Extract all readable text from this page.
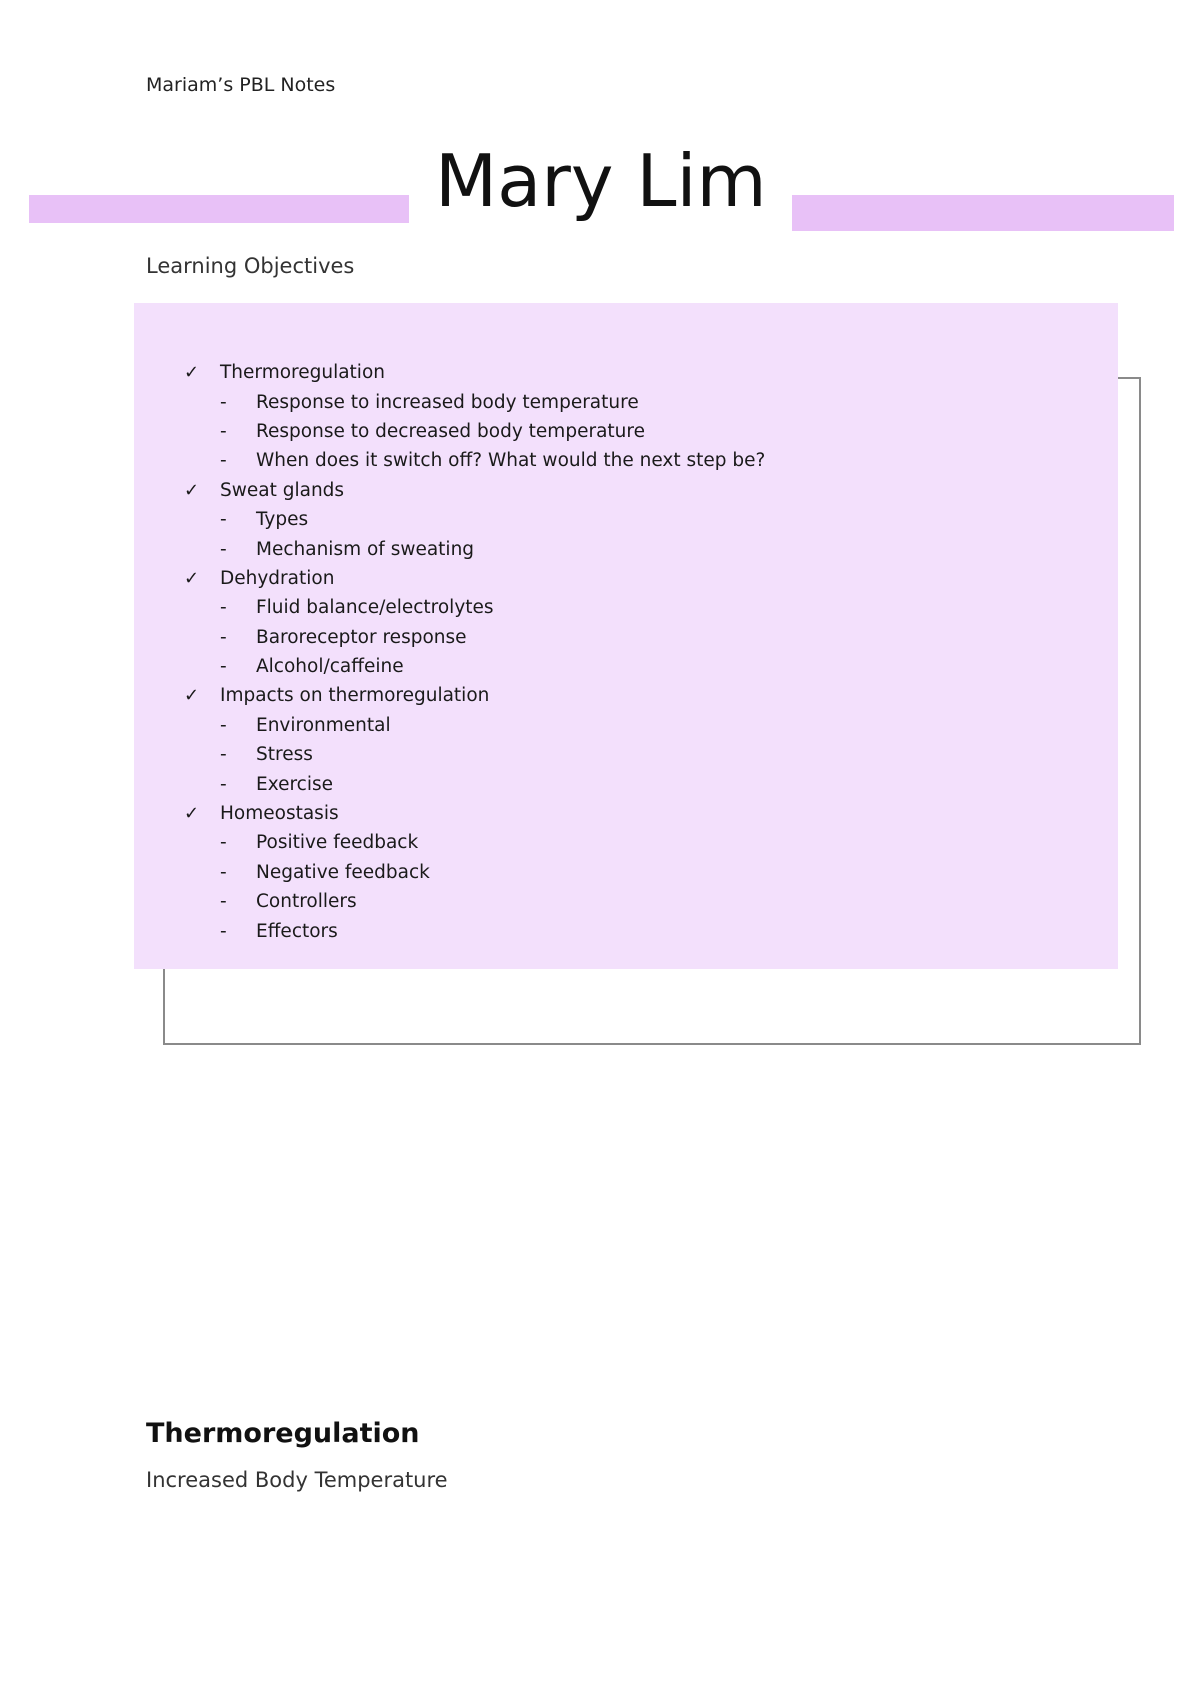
Mariam’s PBL Notes
Mary Lim
Learning Objectives
✓	Thermoregulation
-	Response to increased body temperature
-	Response to decreased body temperature
-	When does it switch off? What would the next step be?
✓	Sweat glands
-	Types
-	Mechanism of sweating
✓	Dehydration
-	Fluid balance/electrolytes
-	Baroreceptor response
-	Alcohol/caffeine
✓	Impacts on thermoregulation
-	Environmental
-	Stress
-	Exercise
✓	Homeostasis
-	Positive feedback
-	Negative feedback
-	Controllers
-	Effectors
Thermoregulation
Increased Body Temperature
